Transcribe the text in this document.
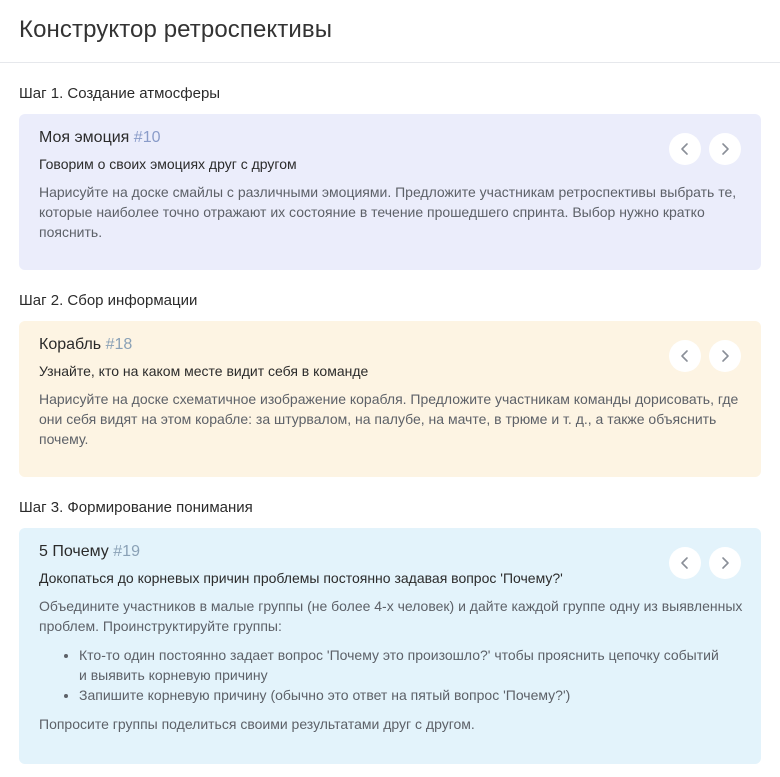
Конструктор ретроспективы
Шаг 1. Создание атмосферы
Моя эмоция #10
Говорим о своих эмоциях друг с другом
Нарисуйте на доске смайлы с различными эмоциями. Предложите участникам ретроспективы выбрать те, которые наиболее точно отражают их состояние в течение прошедшего спринта. Выбор нужно кратко пояснить.
Шаг 2. Сбор информации
Корабль #18
Узнайте, кто на каком месте видит себя в команде
Нарисуйте на доске схематичное изображение корабля. Предложите участникам команды дорисовать, где они себя видят на этом корабле: за штурвалом, на палубе, на мачте, в трюме и т. д., а также объяснить почему.
Шаг 3. Формирование понимания
5 Почему #19
Докопаться до корневых причин проблемы постоянно задавая вопрос 'Почему?'
Объедините участников в малые группы (не более 4-х человек) и дайте каждой группе одну из выявленных проблем. Проинструктируйте группы:
• Кто-то один постоянно задает вопрос 'Почему это произошло?' чтобы прояснить цепочку событий и выявить корневую причину
• Запишите корневую причину (обычно это ответ на пятый вопрос 'Почему?')
Попросите группы поделиться своими результатами друг с другом.
